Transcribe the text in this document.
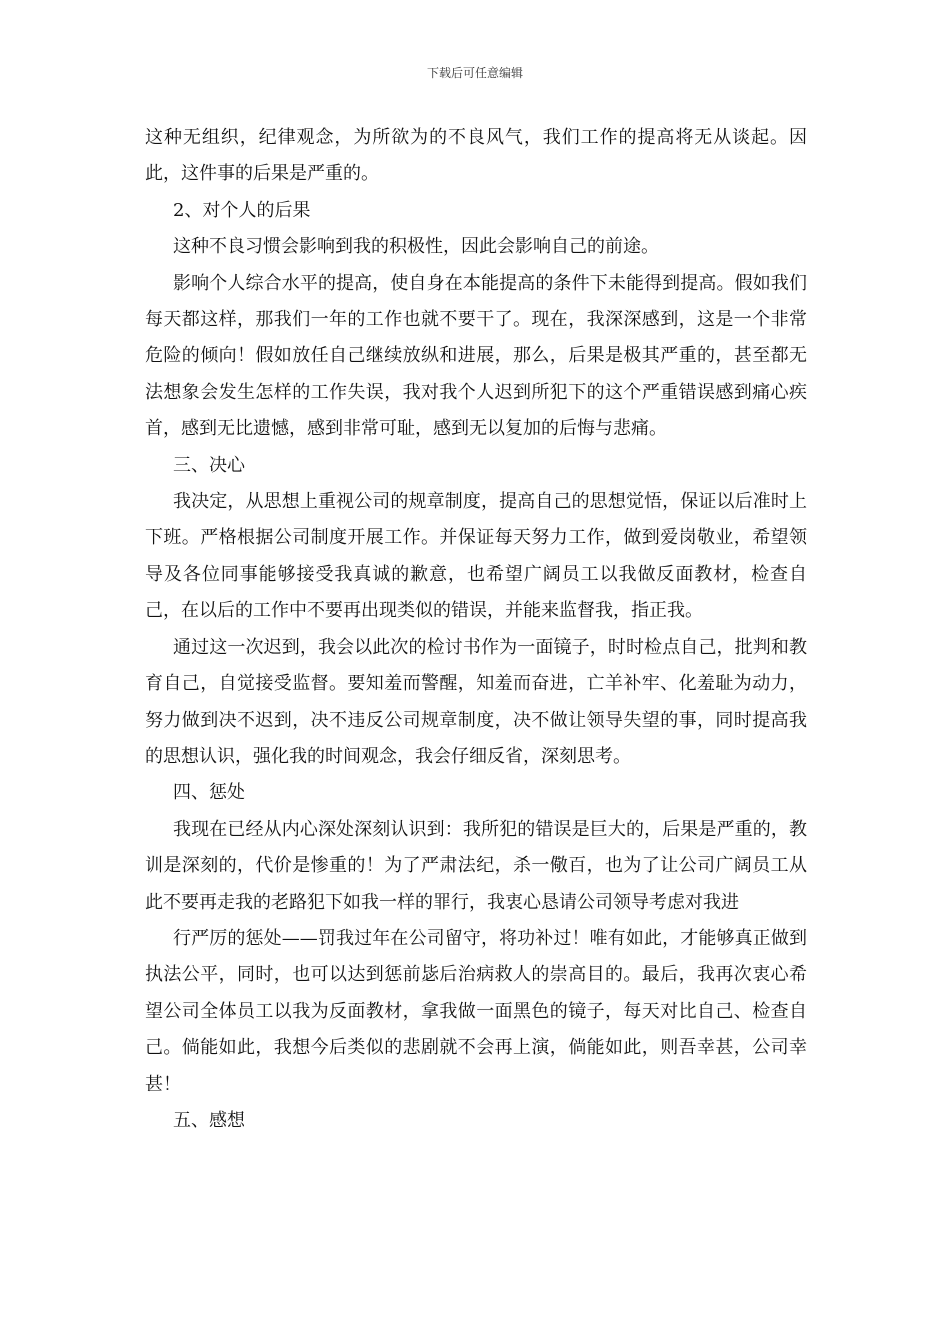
下载后可任意编辑

这种无组织，纪律观念，为所欲为的不良风气，我们工作的提高将无从谈起。因此，这件事的后果是严重的。

2、对个人的后果

这种不良习惯会影响到我的积极性，因此会影响自己的前途。

影响个人综合水平的提高，使自身在本能提高的条件下未能得到提高。假如我们每天都这样，那我们一年的工作也就不要干了。现在，我深深感到，这是一个非常危险的倾向！假如放任自己继续放纵和进展，那么，后果是极其严重的，甚至都无法想象会发生怎样的工作失误，我对我个人迟到所犯下的这个严重错误感到痛心疾首，感到无比遗憾，感到非常可耻，感到无以复加的后悔与悲痛。

三、决心

我决定，从思想上重视公司的规章制度，提高自己的思想觉悟，保证以后准时上下班。严格根据公司制度开展工作。并保证每天努力工作，做到爱岗敬业，希望领导及各位同事能够接受我真诚的歉意，也希望广阔员工以我做反面教材，检查自己，在以后的工作中不要再出现类似的错误，并能来监督我，指正我。

通过这一次迟到，我会以此次的检讨书作为一面镜子，时时检点自己，批判和教育自己，自觉接受监督。要知羞而警醒，知羞而奋进，亡羊补牢、化羞耻为动力，努力做到决不迟到，决不违反公司规章制度，决不做让领导失望的事，同时提高我的思想认识，强化我的时间观念，我会仔细反省，深刻思考。

四、惩处

我现在已经从内心深处深刻认识到：我所犯的错误是巨大的，后果是严重的，教训是深刻的，代价是惨重的！为了严肃法纪，杀一儆百，也为了让公司广阔员工从此不要再走我的老路犯下如我一样的罪行，我衷心恳请公司领导考虑对我进

行严厉的惩处——罚我过年在公司留守，将功补过！唯有如此，才能够真正做到执法公平，同时，也可以达到惩前毖后治病救人的崇高目的。最后，我再次衷心希望公司全体员工以我为反面教材，拿我做一面黑色的镜子，每天对比自己、检查自己。倘能如此，我想今后类似的悲剧就不会再上演，倘能如此，则吾幸甚，公司幸甚！

五、感想
